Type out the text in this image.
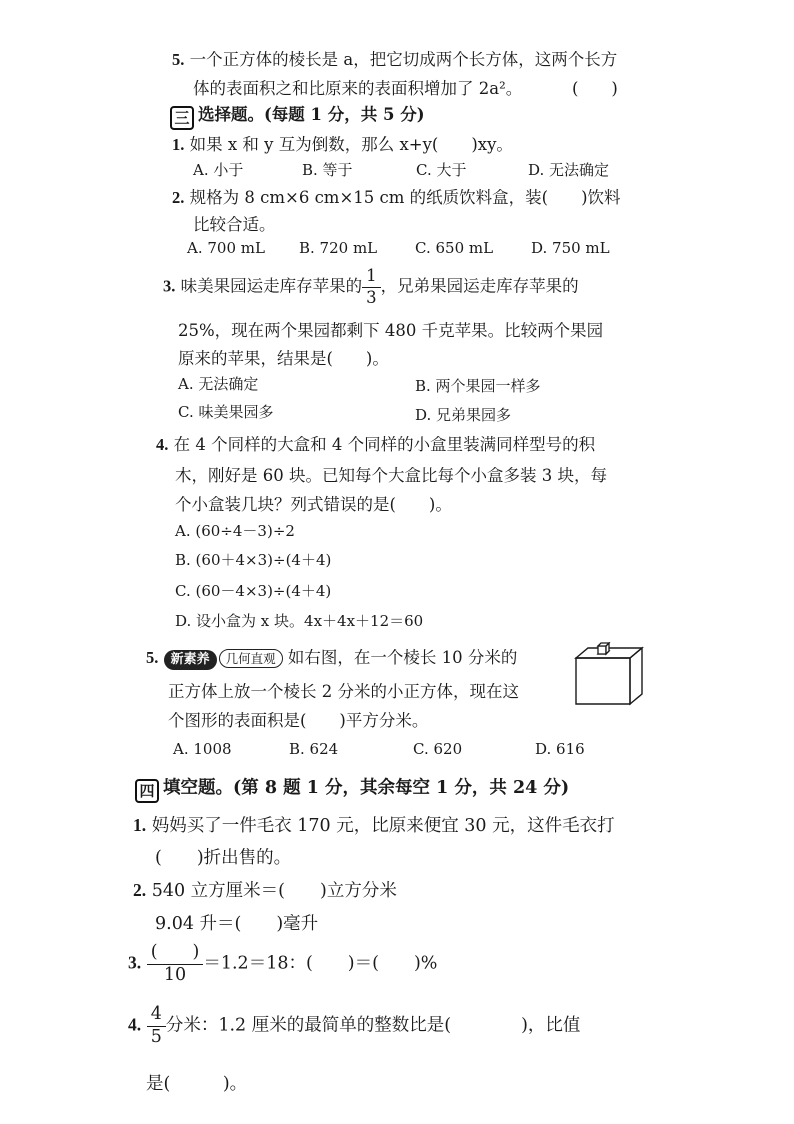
5. 一个正方体的棱长是 a，把它切成两个长方体，这两个长方
体的表面积之和比原来的表面积增加了 2a²。	(　　)
三 选择题。(每题 1 分，共 5 分)
1. 如果 x 和 y 互为倒数，那么 x+y(　　)xy。
A. 小于	B. 等于	C. 大于	D. 无法确定
2. 规格为 8 cm×6 cm×15 cm 的纸质饮料盒，装(　　)饮料
比较合适。
A. 700 mL B. 720 mL	C. 650 mL	D. 750 mL
3. 味美果园运走库存苹果的 $\frac{1}{3}$ ，兄弟果园运走库存苹果的
25%，现在两个果园都剩下 480 千克苹果。比较两个果园
原来的苹果，结果是(　　)。
A. 无法确定	B. 两个果园一样多
C. 味美果园多	D. 兄弟果园多
4. 在 4 个同样的大盒和 4 个同样的小盒里装满同样型号的积
木，刚好是 60 块。已知每个大盒比每个小盒多装 3 块，每
个小盒装几块？列式错误的是(　　)。
A. (60÷4－3)÷2
B. (60＋4×3)÷(4＋4)
C. (60－4×3)÷(4＋4)
D. 设小盒为 x 块。4x＋4x＋12＝60
5. 新素养 几何直观 如右图，在一个棱长 10 分米的
正方体上放一个棱长 2 分米的小正方体，现在这
个图形的表面积是(　　)平方分米。
A. 1008	B. 624	C. 620	D. 616
四 填空题。(第 8 题 1 分，其余每空 1 分，共 24 分)
1. 妈妈买了一件毛衣 170 元，比原来便宜 30 元，这件毛衣打
(　　)折出售的。
2. 540 立方厘米＝(　　)立方分米
9.04 升＝(　　)毫升
3. $\frac{( )}{10} =1.2=18$：(　　)＝(　　)%
4. $\frac{4}{5}$ 分米：1.2 厘米的最简单的整数比是(　　　　)，比值
是(　　　)。
